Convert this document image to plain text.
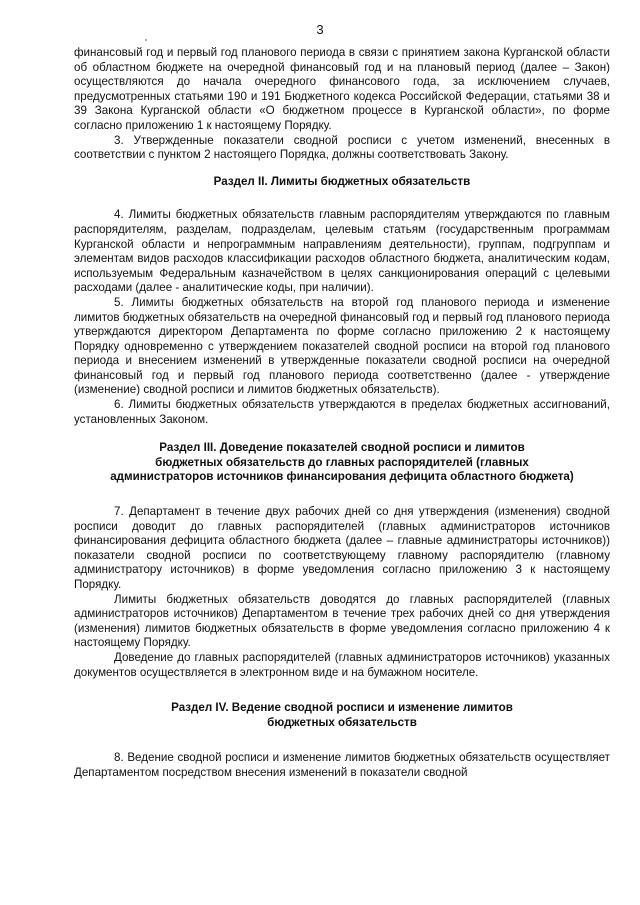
3

финансовый год и первый год планового периода в связи с принятием закона Курганской области об областном бюджете на очередной финансовый год и на плановый период (далее – Закон) осуществляются до начала очередного финансового года, за исключением случаев, предусмотренных статьями 190 и 191 Бюджетного кодекса Российской Федерации, статьями 38 и 39 Закона Курганской области «О бюджетном процессе в Курганской области», по форме согласно приложению 1 к настоящему Порядку.

3. Утвержденные показатели сводной росписи с учетом изменений, внесенных в соответствии с пунктом 2 настоящего Порядка, должны соответствовать Закону.

Раздел II. Лимиты бюджетных обязательств

4. Лимиты бюджетных обязательств главным распорядителям утверждаются по главным распорядителям, разделам, подразделам, целевым статьям (государственным программам Курганской области и непрограммным направлениям деятельности), группам, подгруппам и элементам видов расходов классификации расходов областного бюджета, аналитическим кодам, используемым Федеральным казначейством в целях санкционирования операций с целевыми расходами (далее - аналитические коды, при наличии).

5. Лимиты бюджетных обязательств на второй год планового периода и изменение лимитов бюджетных обязательств на очередной финансовый год и первый год планового периода утверждаются директором Департамента по форме согласно приложению 2 к настоящему Порядку одновременно с утверждением показателей сводной росписи на второй год планового периода и внесением изменений в утвержденные показатели сводной росписи на очередной финансовый год и первый год планового периода соответственно (далее - утверждение (изменение) сводной росписи и лимитов бюджетных обязательств).

6. Лимиты бюджетных обязательств утверждаются в пределах бюджетных ассигнований, установленных Законом.

Раздел III. Доведение показателей сводной росписи и лимитов
бюджетных обязательств до главных распорядителей (главных
администраторов источников финансирования дефицита областного бюджета)

7. Департамент в течение двух рабочих дней со дня утверждения (изменения) сводной росписи доводит до главных распорядителей (главных администраторов источников финансирования дефицита областного бюджета (далее – главные администраторы источников)) показатели сводной росписи по соответствующему главному распорядителю (главному администратору источников) в форме уведомления согласно приложению 3 к настоящему Порядку.

Лимиты бюджетных обязательств доводятся до главных распорядителей (главных администраторов источников) Департаментом в течение трех рабочих дней со дня утверждения (изменения) лимитов бюджетных обязательств в форме уведомления согласно приложению 4 к настоящему Порядку.

Доведение до главных распорядителей (главных администраторов источников) указанных документов осуществляется в электронном виде и на бумажном носителе.

Раздел IV. Ведение сводной росписи и изменение лимитов
бюджетных обязательств

8. Ведение сводной росписи и изменение лимитов бюджетных обязательств осуществляет Департаментом посредством внесения изменений в показатели сводной
